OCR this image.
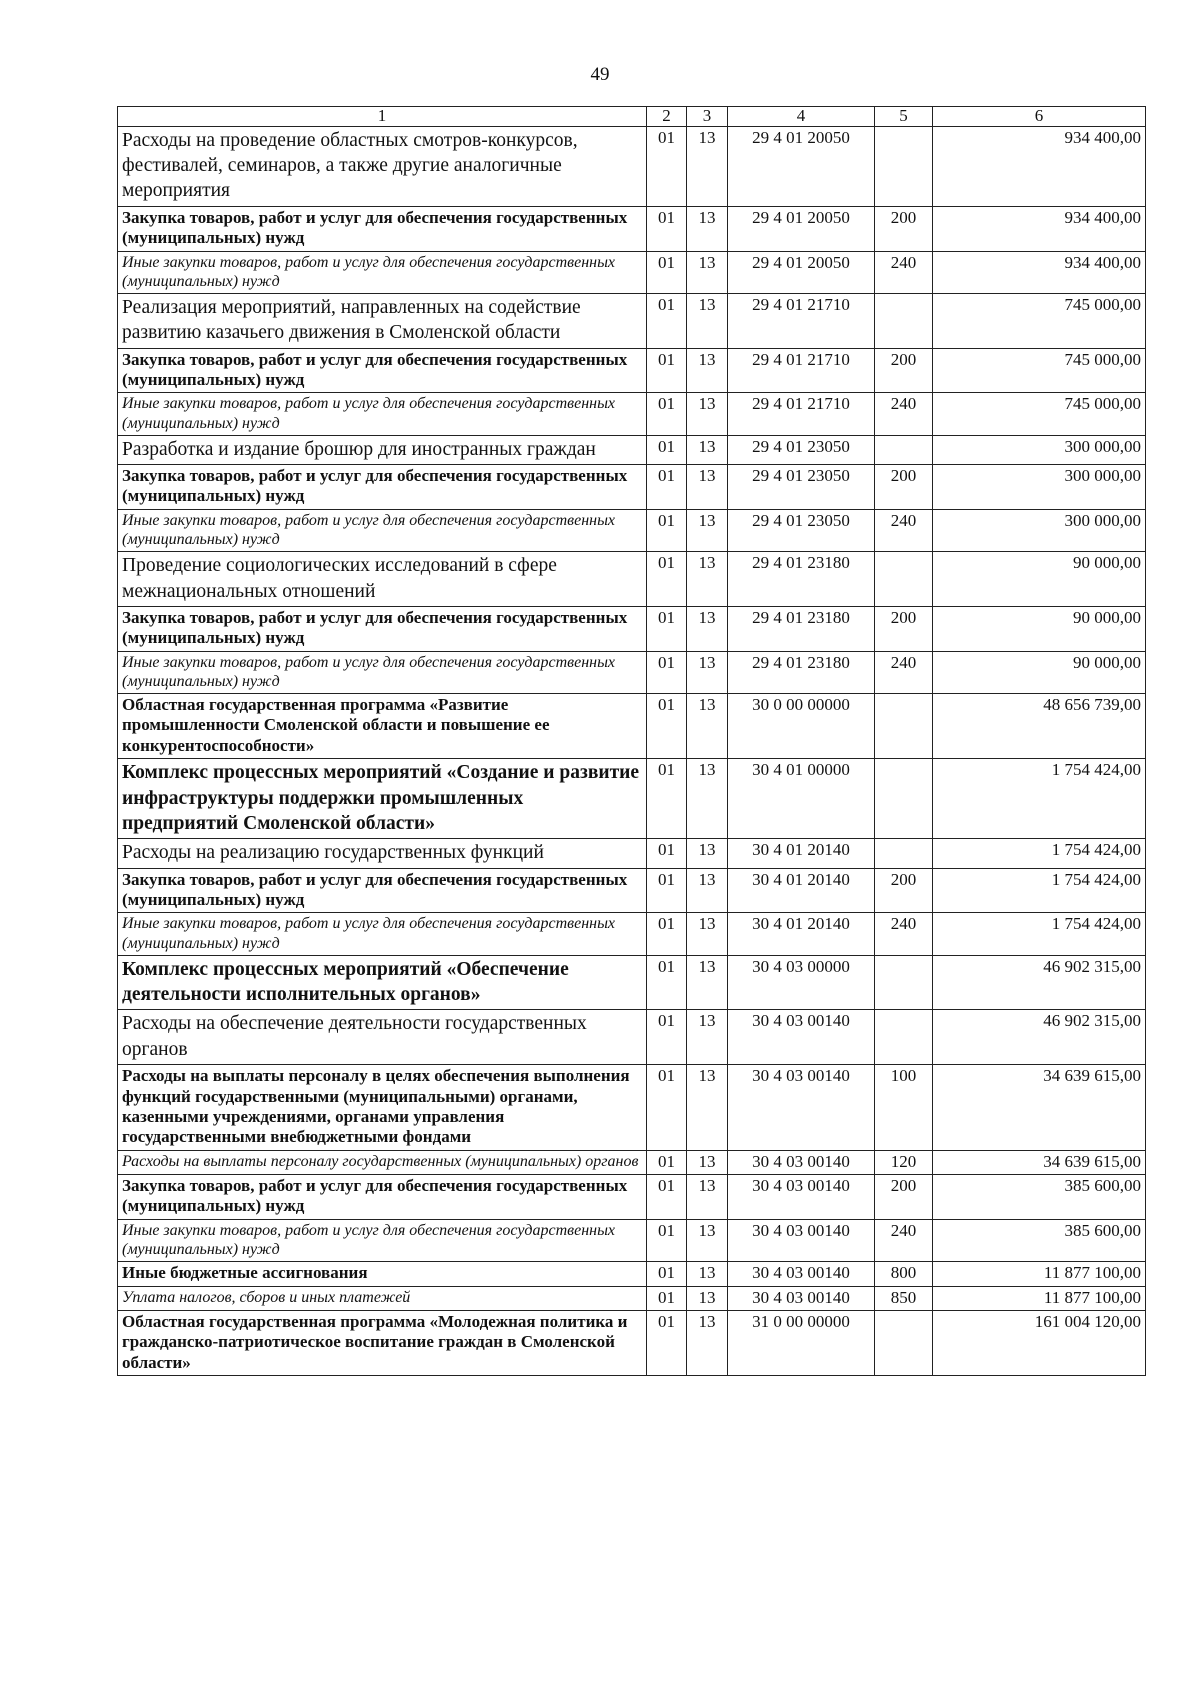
49
1	2	3	4	5	6
Расходы на проведение областных смотров-конкурсов, фестивалей, семинаров, а также другие аналогичные мероприятия	01	13	29 4 01 20050		934 400,00
Закупка товаров, работ и услуг для обеспечения государственных (муниципальных) нужд	01	13	29 4 01 20050	200	934 400,00
Иные закупки товаров, работ и услуг для обеспечения государственных (муниципальных) нужд	01	13	29 4 01 20050	240	934 400,00
Реализация мероприятий, направленных на содействие развитию казачьего движения в Смоленской области	01	13	29 4 01 21710		745 000,00
Закупка товаров, работ и услуг для обеспечения государственных (муниципальных) нужд	01	13	29 4 01 21710	200	745 000,00
Иные закупки товаров, работ и услуг для обеспечения государственных (муниципальных) нужд	01	13	29 4 01 21710	240	745 000,00
Разработка и издание брошюр для иностранных граждан	01	13	29 4 01 23050		300 000,00
Закупка товаров, работ и услуг для обеспечения государственных (муниципальных) нужд	01	13	29 4 01 23050	200	300 000,00
Иные закупки товаров, работ и услуг для обеспечения государственных (муниципальных) нужд	01	13	29 4 01 23050	240	300 000,00
Проведение социологических исследований в сфере межнациональных отношений	01	13	29 4 01 23180		90 000,00
Закупка товаров, работ и услуг для обеспечения государственных (муниципальных) нужд	01	13	29 4 01 23180	200	90 000,00
Иные закупки товаров, работ и услуг для обеспечения государственных (муниципальных) нужд	01	13	29 4 01 23180	240	90 000,00
Областная государственная программа «Развитие промышленности Смоленской области и повышение ее конкурентоспособности»	01	13	30 0 00 00000		48 656 739,00
Комплекс процессных мероприятий «Создание и развитие инфраструктуры поддержки промышленных предприятий Смоленской области»	01	13	30 4 01 00000		1 754 424,00
Расходы на реализацию государственных функций	01	13	30 4 01 20140		1 754 424,00
Закупка товаров, работ и услуг для обеспечения государственных (муниципальных) нужд	01	13	30 4 01 20140	200	1 754 424,00
Иные закупки товаров, работ и услуг для обеспечения государственных (муниципальных) нужд	01	13	30 4 01 20140	240	1 754 424,00
Комплекс процессных мероприятий «Обеспечение деятельности исполнительных органов»	01	13	30 4 03 00000		46 902 315,00
Расходы на обеспечение деятельности государственных органов	01	13	30 4 03 00140		46 902 315,00
Расходы на выплаты персоналу в целях обеспечения выполнения функций государственными (муниципальными) органами, казенными учреждениями, органами управления государственными внебюджетными фондами	01	13	30 4 03 00140	100	34 639 615,00
Расходы на выплаты персоналу государственных (муниципальных) органов	01	13	30 4 03 00140	120	34 639 615,00
Закупка товаров, работ и услуг для обеспечения государственных (муниципальных) нужд	01	13	30 4 03 00140	200	385 600,00
Иные закупки товаров, работ и услуг для обеспечения государственных (муниципальных) нужд	01	13	30 4 03 00140	240	385 600,00
Иные бюджетные ассигнования	01	13	30 4 03 00140	800	11 877 100,00
Уплата налогов, сборов и иных платежей	01	13	30 4 03 00140	850	11 877 100,00
Областная государственная программа «Молодежная политика и гражданско-патриотическое воспитание граждан в Смоленской области»	01	13	31 0 00 00000		161 004 120,00
